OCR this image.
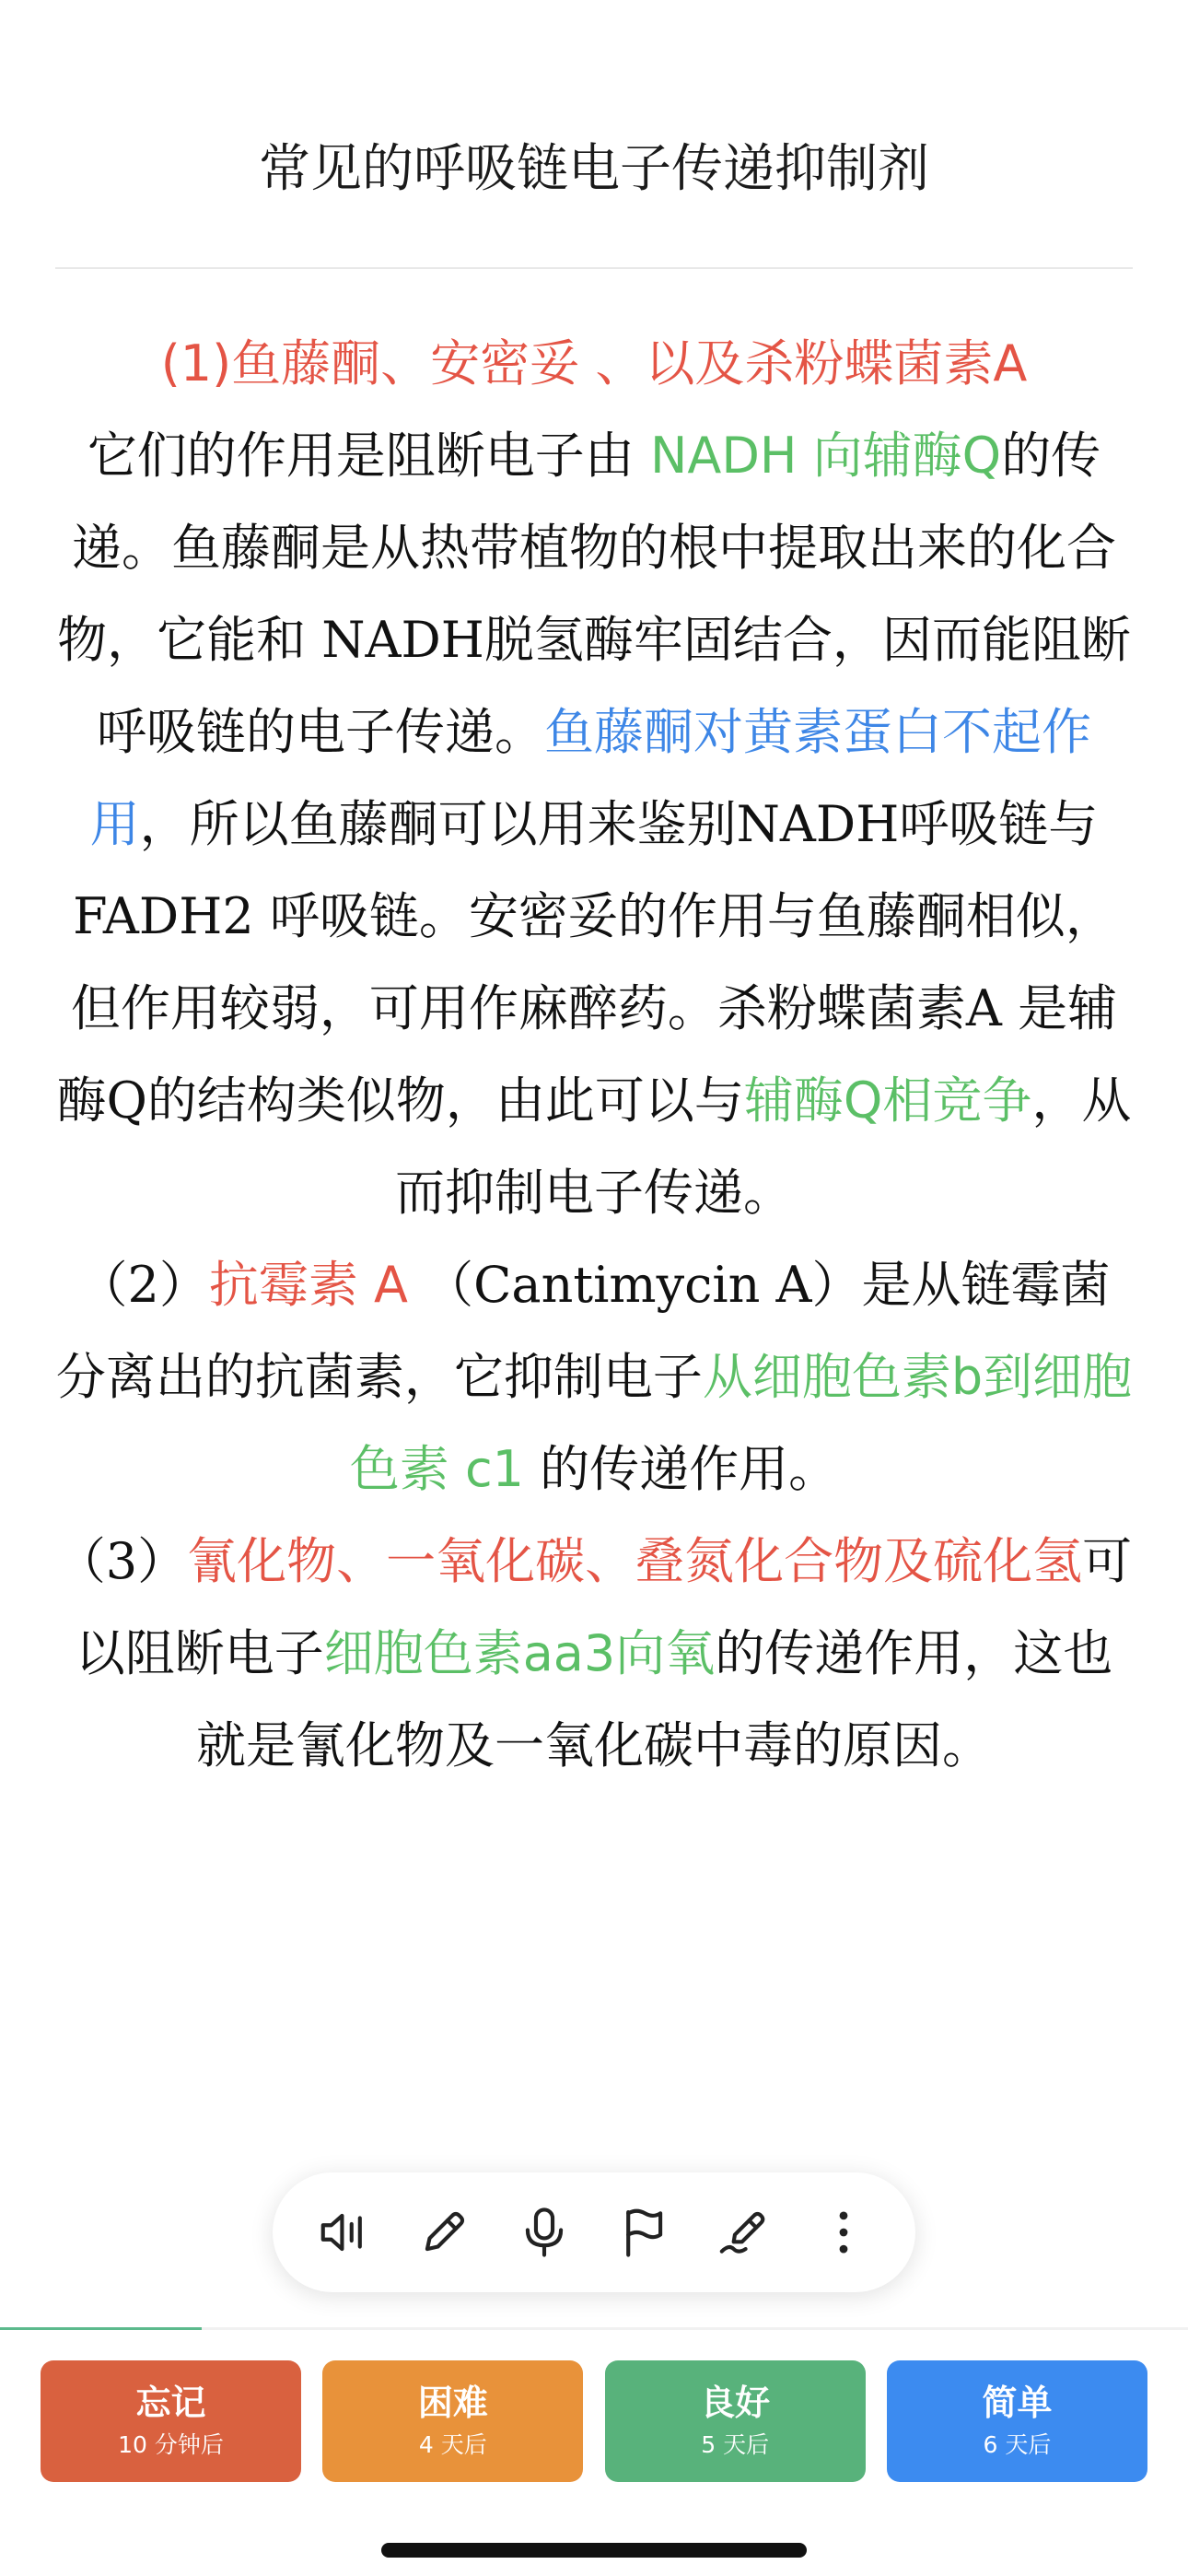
常见的呼吸链电子传递抑制剂
(1)鱼藤酮、安密妥 、以及杀粉蝶菌素A
它们的作用是阻断电子由 NADH 向辅酶Q的传递。鱼藤酮是从热带植物的根中提取出来的化合物，它能和 NADH脱氢酶牢固结合，因而能阻断呼吸链的电子传递。鱼藤酮对黄素蛋白不起作用，所以鱼藤酮可以用来鉴别NADH呼吸链与FADH2 呼吸链。安密妥的作用与鱼藤酮相似，但作用较弱，可用作麻醉药。杀粉蝶菌素A 是辅酶Q的结构类似物，由此可以与辅酶Q相竞争，从而抑制电子传递。
（2）抗霉素 A （Cantimycin A）是从链霉菌分离出的抗菌素，它抑制电子从细胞色素b到细胞色素 c1 的传递作用。
（3）氰化物、一氧化碳、叠氮化合物及硫化氢可以阻断电子细胞色素aa3向氧的传递作用，这也就是氰化物及一氧化碳中毒的原因。
忘记
10 分钟后
困难
4 天后
良好
5 天后
简单
6 天后
